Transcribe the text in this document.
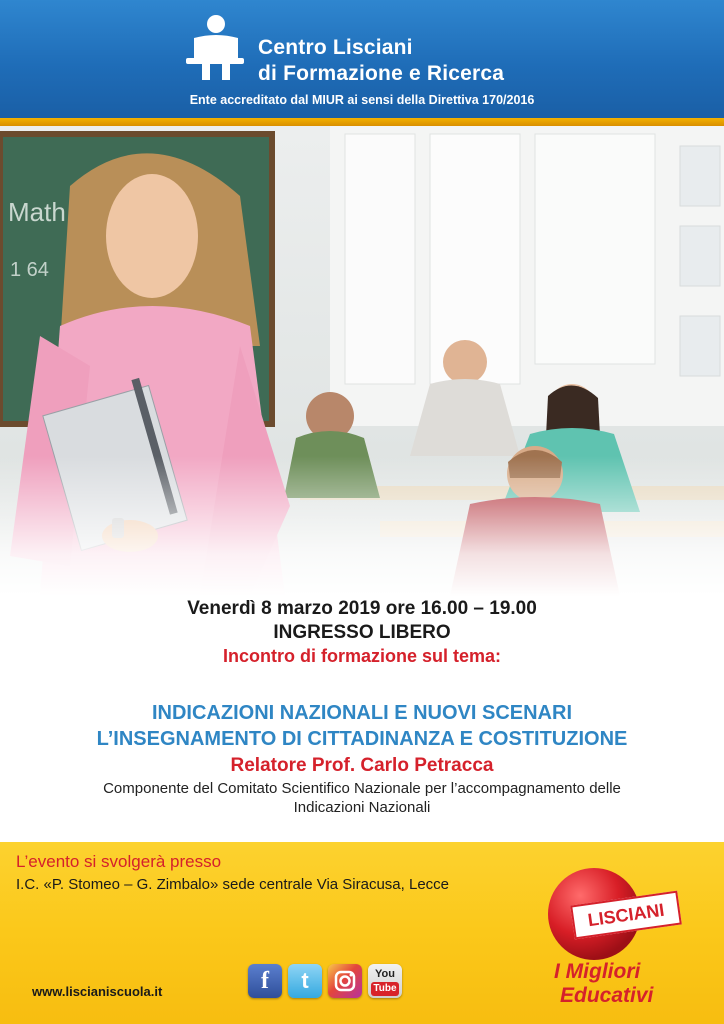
Centro Lisciani
di Formazione e Ricerca
Ente accreditato dal MIUR ai sensi della Direttiva 170/2016
Math
1 64
Venerdì 8 marzo 2019 ore 16.00 – 19.00
INGRESSO LIBERO
Incontro di formazione sul tema:
INDICAZIONI NAZIONALI E NUOVI SCENARI
L’INSEGNAMENTO DI CITTADINANZA E COSTITUZIONE
Relatore Prof. Carlo Petracca
Componente del Comitato Scientifico Nazionale per l’accompagnamento delle
Indicazioni Nazionali
L’evento si svolgerà presso
I.C. «P. Stomeo – G. Zimbalo» sede centrale Via Siracusa, Lecce
f	t	You
Tube
www.liscianiscuola.it
LISCIANI
I Migliori
Educativi
